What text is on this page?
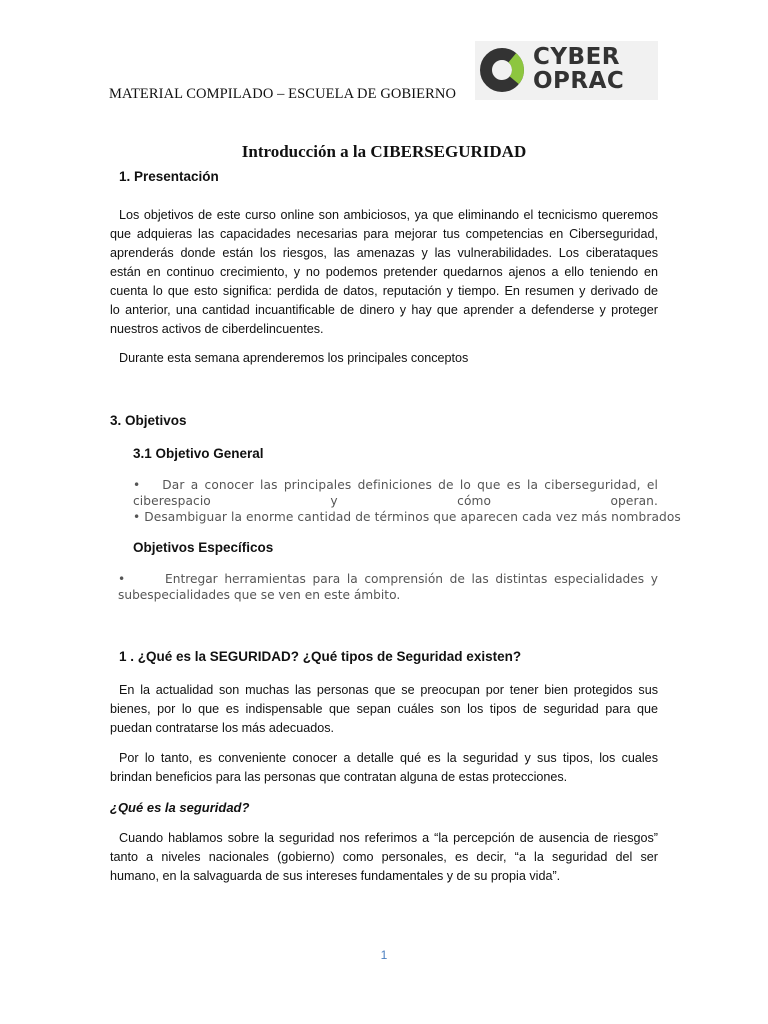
MATERIAL COMPILADO – ESCUELA DE GOBIERNO
CYBER
OPRAC
Introducción a la CIBERSEGURIDAD
1. Presentación
Los objetivos de este curso online son ambiciosos, ya que eliminando el tecnicismo queremos
que adquieras las capacidades necesarias para mejorar tus competencias en Ciberseguridad,
aprenderás donde están los riesgos, las amenazas y las vulnerabilidades. Los ciberataques
están en continuo crecimiento, y no podemos pretender quedarnos ajenos a ello teniendo en
cuenta lo que esto significa: perdida de datos, reputación y tiempo. En resumen y derivado de
lo anterior, una cantidad incuantificable de dinero y hay que aprender a defenderse y proteger
nuestros activos de ciberdelincuentes.
Durante esta semana aprenderemos los principales conceptos
3. Objetivos
3.1 Objetivo General
• Dar a conocer las principales definiciones de lo que es la ciberseguridad, el
ciberespacio	y	cómo	operan.
• Desambiguar la enorme cantidad de términos que aparecen cada vez más nombrados
Objetivos Específicos
•      Entregar herramientas para la comprensión de las distintas especialidades y
subespecialidades que se ven en este ámbito.
1 . ¿Qué es la SEGURIDAD? ¿Qué tipos de Seguridad existen?
En la actualidad son muchas las personas que se preocupan por tener bien protegidos sus
bienes, por lo que es indispensable que sepan cuáles son los tipos de seguridad para que
puedan contratarse los más adecuados.
Por lo tanto, es conveniente conocer a detalle qué es la seguridad y sus tipos, los cuales
brindan beneficios para las personas que contratan alguna de estas protecciones.
¿Qué es la seguridad?
Cuando hablamos sobre la seguridad nos referimos a “la percepción de ausencia de riesgos”
tanto a niveles nacionales (gobierno) como personales, es decir, “a la seguridad del ser
humano, en la salvaguarda de sus intereses fundamentales y de su propia vida”.
1
